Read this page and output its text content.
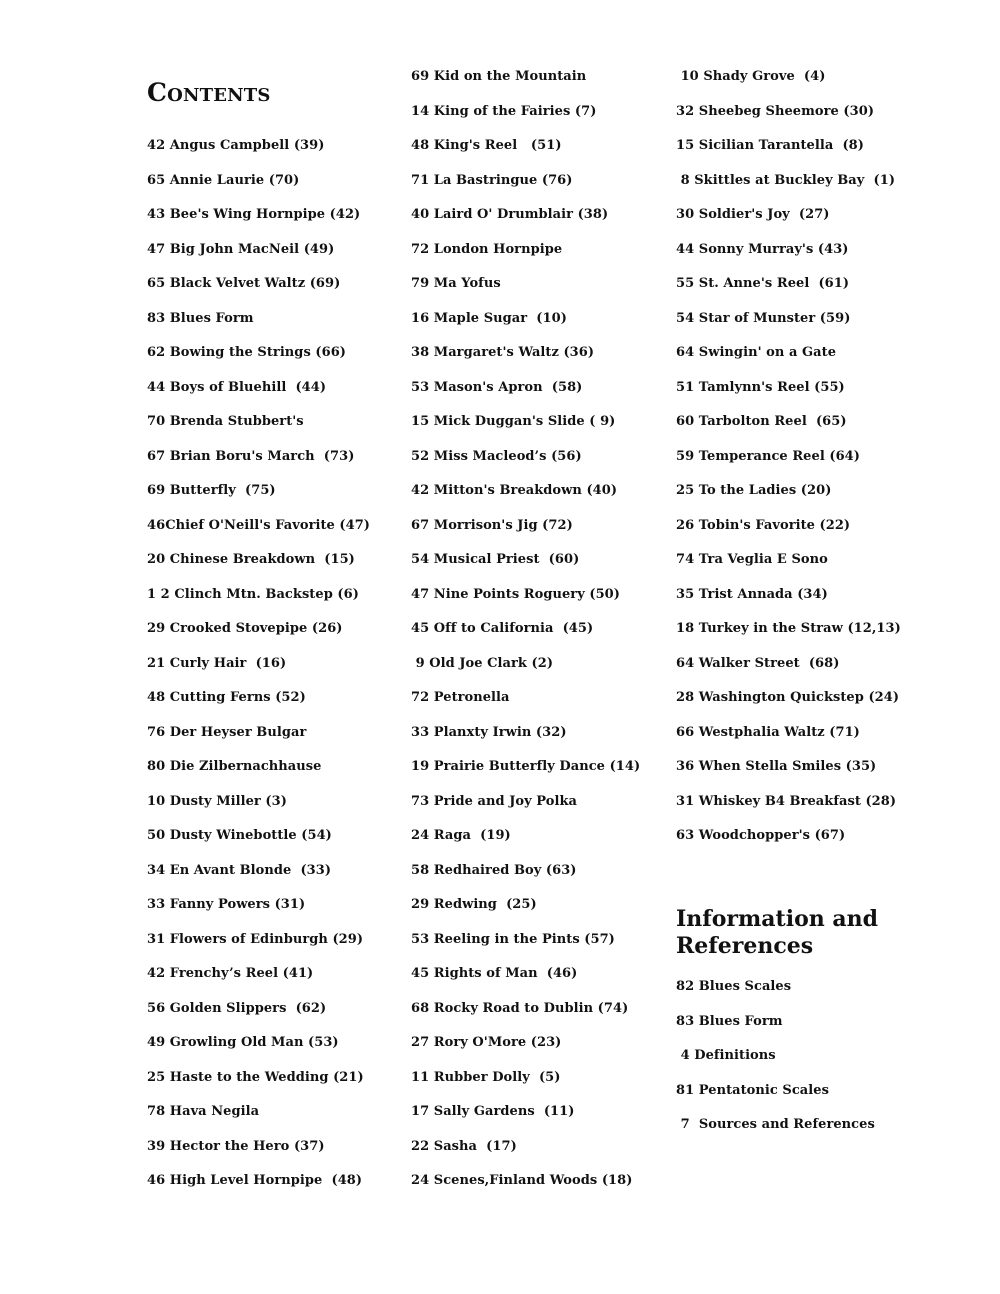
Contents
42 Angus Campbell (39)
65 Annie Laurie (70)
43 Bee's Wing Hornpipe (42)
47 Big John MacNeil (49)
65 Black Velvet Waltz (69)
83 Blues Form
62 Bowing the Strings (66)
44 Boys of Bluehill  (44)
70 Brenda Stubbert's
67 Brian Boru's March  (73)
69 Butterfly  (75)
46Chief O'Neill's Favorite (47)
20 Chinese Breakdown  (15)
1 2 Clinch Mtn. Backstep (6)
29 Crooked Stovepipe (26)
21 Curly Hair  (16)
48 Cutting Ferns (52)
76 Der Heyser Bulgar
80 Die Zilbernachhause
10 Dusty Miller (3)
50 Dusty Winebottle (54)
34 En Avant Blonde  (33)
33 Fanny Powers (31)
31 Flowers of Edinburgh (29)
42 Frenchy’s Reel (41)
56 Golden Slippers  (62)
49 Growling Old Man (53)
25 Haste to the Wedding (21)
78 Hava Negila
39 Hector the Hero (37)
46 High Level Hornpipe  (48)
69 Kid on the Mountain
14 King of the Fairies (7)
48 King's Reel   (51)
71 La Bastringue (76)
40 Laird O' Drumblair (38)
72 London Hornpipe
79 Ma Yofus
16 Maple Sugar  (10)
38 Margaret's Waltz (36)
53 Mason's Apron  (58)
15 Mick Duggan's Slide ( 9)
52 Miss Macleod’s (56)
42 Mitton's Breakdown (40)
67 Morrison's Jig (72)
54 Musical Priest  (60)
47 Nine Points Roguery (50)
45 Off to California  (45)
9 Old Joe Clark (2)
72 Petronella
33 Planxty Irwin (32)
19 Prairie Butterfly Dance (14)
73 Pride and Joy Polka
24 Raga  (19)
58 Redhaired Boy (63)
29 Redwing  (25)
53 Reeling in the Pints (57)
45 Rights of Man  (46)
68 Rocky Road to Dublin (74)
27 Rory O'More (23)
11 Rubber Dolly  (5)
17 Sally Gardens  (11)
22 Sasha  (17)
24 Scenes,Finland Woods (18)
10 Shady Grove  (4)
32 Sheebeg Sheemore (30)
15 Sicilian Tarantella  (8)
8 Skittles at Buckley Bay  (1)
30 Soldier's Joy  (27)
44 Sonny Murray's (43)
55 St. Anne's Reel  (61)
54 Star of Munster (59)
64 Swingin' on a Gate
51 Tamlynn's Reel (55)
60 Tarbolton Reel  (65)
59 Temperance Reel (64)
25 To the Ladies (20)
26 Tobin's Favorite (22)
74 Tra Veglia E Sono
35 Trist Annada (34)
18 Turkey in the Straw (12,13)
64 Walker Street  (68)
28 Washington Quickstep (24)
66 Westphalia Waltz (71)
36 When Stella Smiles (35)
31 Whiskey B4 Breakfast (28)
63 Woodchopper's (67)
Information and References
82 Blues Scales
83 Blues Form
4 Definitions
81 Pentatonic Scales
7  Sources and References
